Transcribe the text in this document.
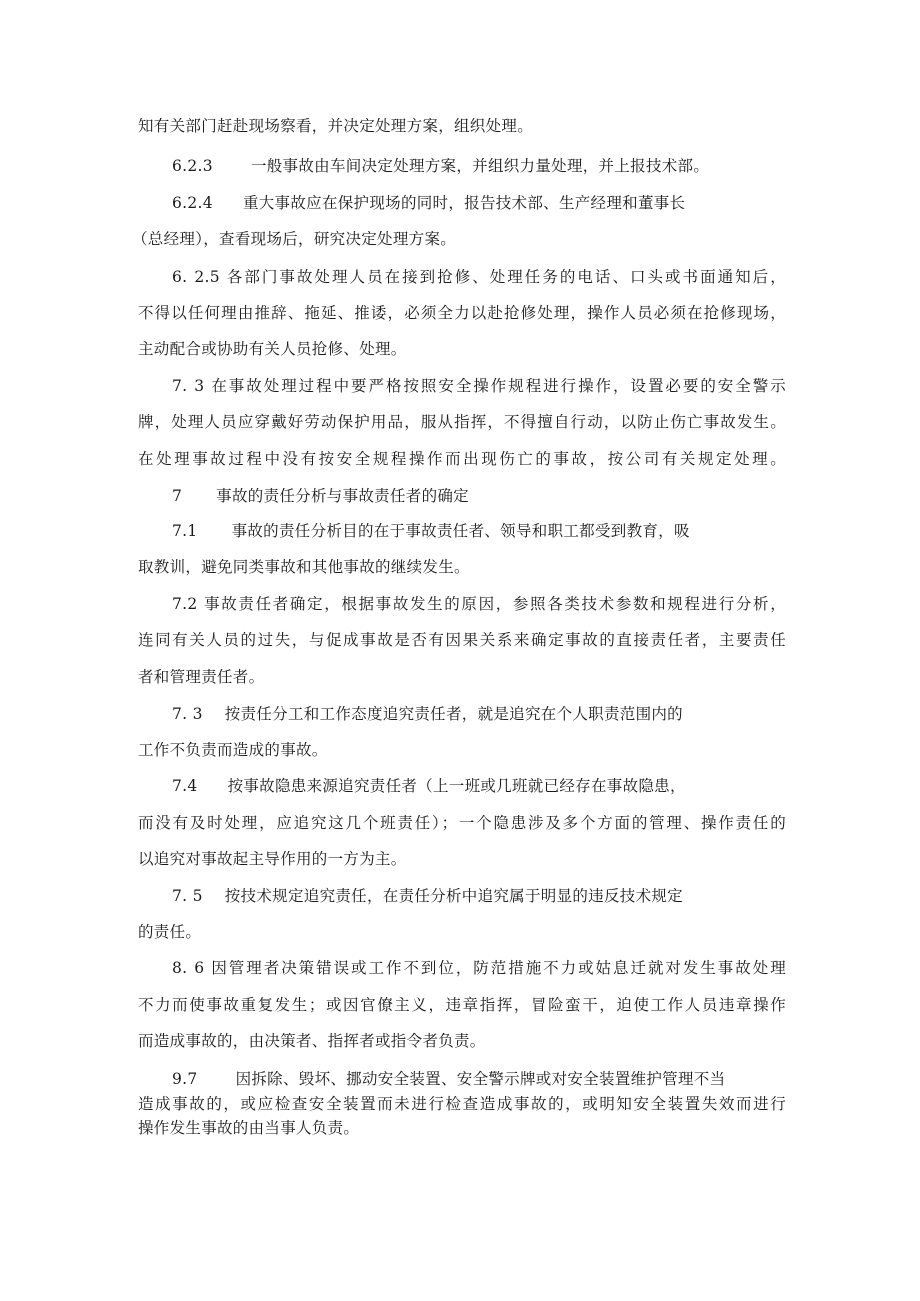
知有关部门赶赴现场察看，并决定处理方案，组织处理。
6.2.3 一般事故由车间决定处理方案，并组织力量处理，并上报技术部。
6.2.4 重大事故应在保护现场的同时，报告技术部、生产经理和董事长
（总经理），查看现场后，研究决定处理方案。
6. 2.5 各部门事故处理人员在接到抢修、处理任务的电话、口头或书面通知后，
不得以任何理由推辞、拖延、推诿，必须全力以赴抢修处理，操作人员必须在抢修现场，
主动配合或协助有关人员抢修、处理。
7. 3 在事故处理过程中要严格按照安全操作规程进行操作，设置必要的安全警示
牌，处理人员应穿戴好劳动保护用品，服从指挥，不得擅自行动，以防止伤亡事故发生。
在处理事故过程中没有按安全规程操作而出现伤亡的事故，按公司有关规定处理。
7 事故的责任分析与事故责任者的确定
7.1 事故的责任分析目的在于事故责任者、领导和职工都受到教育，吸
取教训，避免同类事故和其他事故的继续发生。
7.2 事故责任者确定，根据事故发生的原因，参照各类技术参数和规程进行分析，
连同有关人员的过失，与促成事故是否有因果关系来确定事故的直接责任者，主要责任
者和管理责任者。
7. 3 按责任分工和工作态度追究责任者，就是追究在个人职责范围内的
工作不负责而造成的事故。
7.4 按事故隐患来源追究责任者（上一班或几班就已经存在事故隐患，
而没有及时处理，应追究这几个班责任）；一个隐患涉及多个方面的管理、操作责任的
以追究对事故起主导作用的一方为主。
7. 5 按技术规定追究责任，在责任分析中追究属于明显的违反技术规定
的责任。
8. 6 因管理者决策错误或工作不到位，防范措施不力或姑息迁就对发生事故处理
不力而使事故重复发生；或因官僚主义，违章指挥，冒险蛮干，迫使工作人员违章操作
而造成事故的，由决策者、指挥者或指令者负责。
9.7 因拆除、毁坏、挪动安全装置、安全警示牌或对安全装置维护管理不当
造成事故的，或应检查安全装置而未进行检查造成事故的，或明知安全装置失效而进行
操作发生事故的由当事人负责。
